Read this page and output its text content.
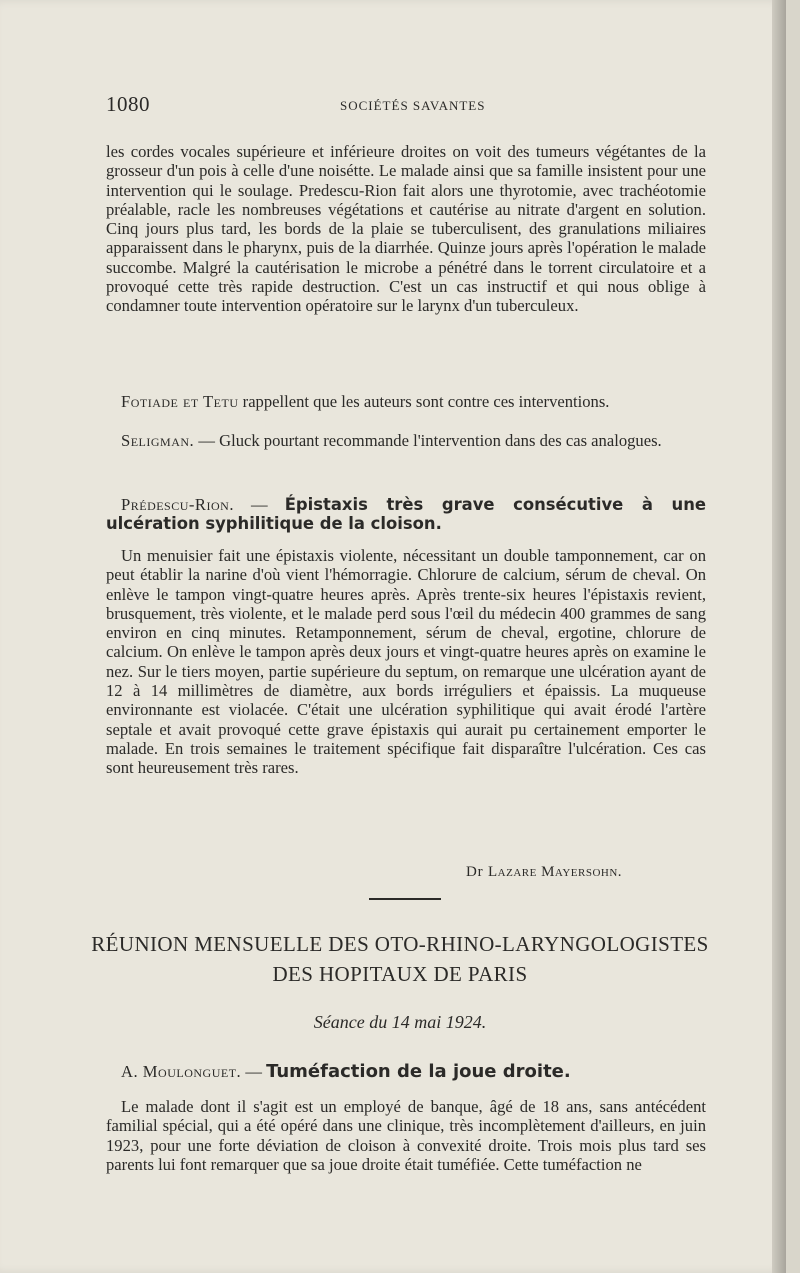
1080	SOCIÉTÉS SAVANTES

les cordes vocales supérieure et inférieure droites on voit des tumeurs végétantes de la grosseur d'un pois à celle d'une noisétte. Le malade ainsi que sa famille insistent pour une intervention qui le soulage. Predescu-Rion fait alors une thyrotomie, avec trachéotomie préalable, racle les nombreuses végétations et cautérise au nitrate d'argent en solution. Cinq jours plus tard, les bords de la plaie se tuberculisent, des granulations miliaires apparaissent dans le pharynx, puis de la diarrhée. Quinze jours après l'opération le malade succombe. Malgré la cautérisation le microbe a pénétré dans le torrent circulatoire et a provoqué cette très rapide destruction. C'est un cas instructif et qui nous oblige à condamner toute intervention opératoire sur le larynx d'un tuberculeux.

Fotiade et Tetu rappellent que les auteurs sont contre ces interventions.

Seligman. — Gluck pourtant recommande l'intervention dans des cas analogues.

Prédescu-Rion. — Épistaxis très grave consécutive à une ulcération syphilitique de la cloison.

Un menuisier fait une épistaxis violente, nécessitant un double tamponnement, car on peut établir la narine d'où vient l'hémorragie. Chlorure de calcium, sérum de cheval. On enlève le tampon vingt-quatre heures après. Après trente-six heures l'épistaxis revient, brusquement, très violente, et le malade perd sous l'œil du médecin 400 grammes de sang environ en cinq minutes. Retamponnement, sérum de cheval, ergotine, chlorure de calcium. On enlève le tampon après deux jours et vingt-quatre heures après on examine le nez. Sur le tiers moyen, partie supérieure du septum, on remarque une ulcération ayant de 12 à 14 millimètres de diamètre, aux bords irréguliers et épaissis. La muqueuse environnante est violacée. C'était une ulcération syphilitique qui avait érodé l'artère septale et avait provoqué cette grave épistaxis qui aurait pu certainement emporter le malade. En trois semaines le traitement spécifique fait disparaître l'ulcération. Ces cas sont heureusement très rares.

Dr Lazare Mayersohn.

RÉUNION MENSUELLE DES OTO-RHINO-LARYNGOLOGISTES

DES HOPITAUX DE PARIS

Séance du 14 mai 1924.

A. Moulonguet. — Tuméfaction de la joue droite.

Le malade dont il s'agit est un employé de banque, âgé de 18 ans, sans antécédent familial spécial, qui a été opéré dans une clinique, très incomplètement d'ailleurs, en juin 1923, pour une forte déviation de cloison à convexité droite. Trois mois plus tard ses parents lui font remarquer que sa joue droite était tuméfiée. Cette tuméfaction ne
